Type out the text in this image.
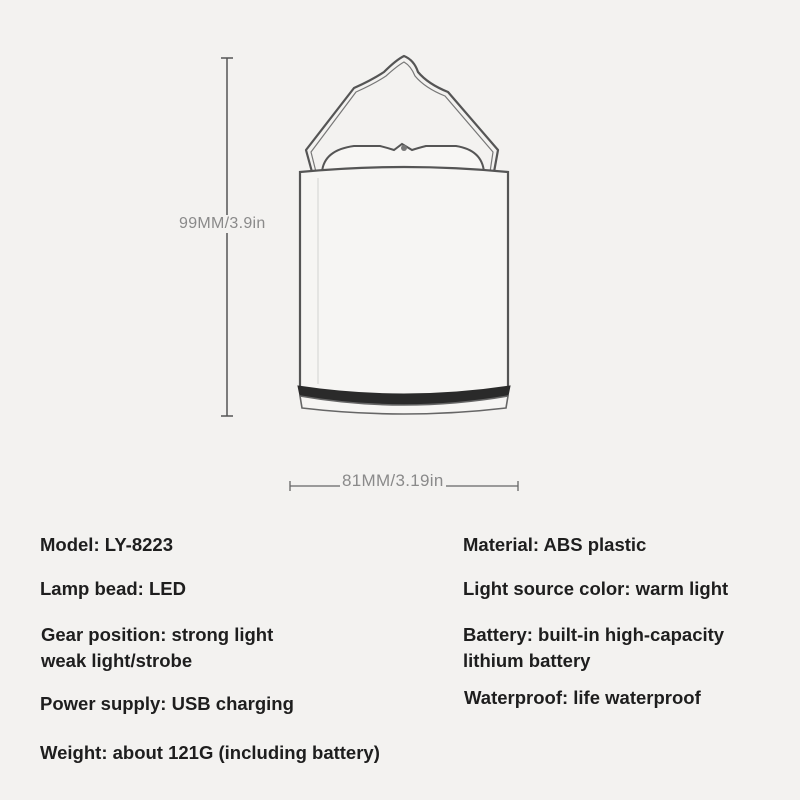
99MM/3.9in
81MM/3.19in
Model: LY-8223
Lamp bead: LED
Gear position: strong light
weak light/strobe
Power supply: USB charging
Weight: about 121G (including battery)
Material: ABS plastic
Light source color: warm light
Battery: built-in high-capacity
lithium battery
Waterproof: life waterproof
